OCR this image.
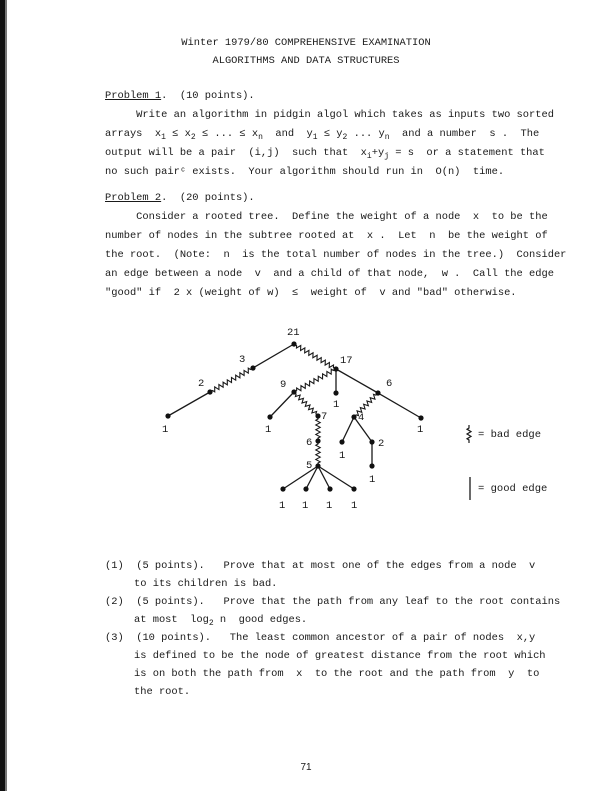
Winter 1979/80 COMPREHENSIVE EXAMINATION
ALGORITHMS AND DATA STRUCTURES
Problem 1.  (10 points).
Write an algorithm in pidgin algol which takes as inputs two sorted
arrays  $x_1 \le x_2$ ≤ ... ≤ $x_n$  and  $y_1 \le y_2$ ... $y_n$  and a number  s .  The
output will be a pair  (i,j)  such that  $x_i+y_j = s$  or a statement that
no such pairᶜ exists.  Your algorithm should run in  O(n)  time.
Problem 2.  (20 points).
Consider a rooted tree.  Define the weight of a node  x  to be the
number of nodes in the subtree rooted at  x .  Let  n  be the weight of
the root.  (Note:  n  is the total number of nodes in the tree.)  Consider
an edge between a node  v  and a child of that node,  w .  Call the edge
"good" if  2 x (weight of w)  ≤  weight of  v and "bad" otherwise.
21
3
2
1
17
9
1
1
6
1
7
6
5
1 1 1 1
4
1
2
1
= bad edge
= good edge
(1) (5 points). Prove that at most one of the edges from a node  v
to its children is bad.
(2) (5 points). Prove that the path from any leaf to the root contains
at most  $\log_2 n$  good edges.
(3) (10 points). The least common ancestor of a pair of nodes  x,y
is defined to be the node of greatest distance from the root which
is on both the path from  x  to the root and the path from  y  to
the root.
71
